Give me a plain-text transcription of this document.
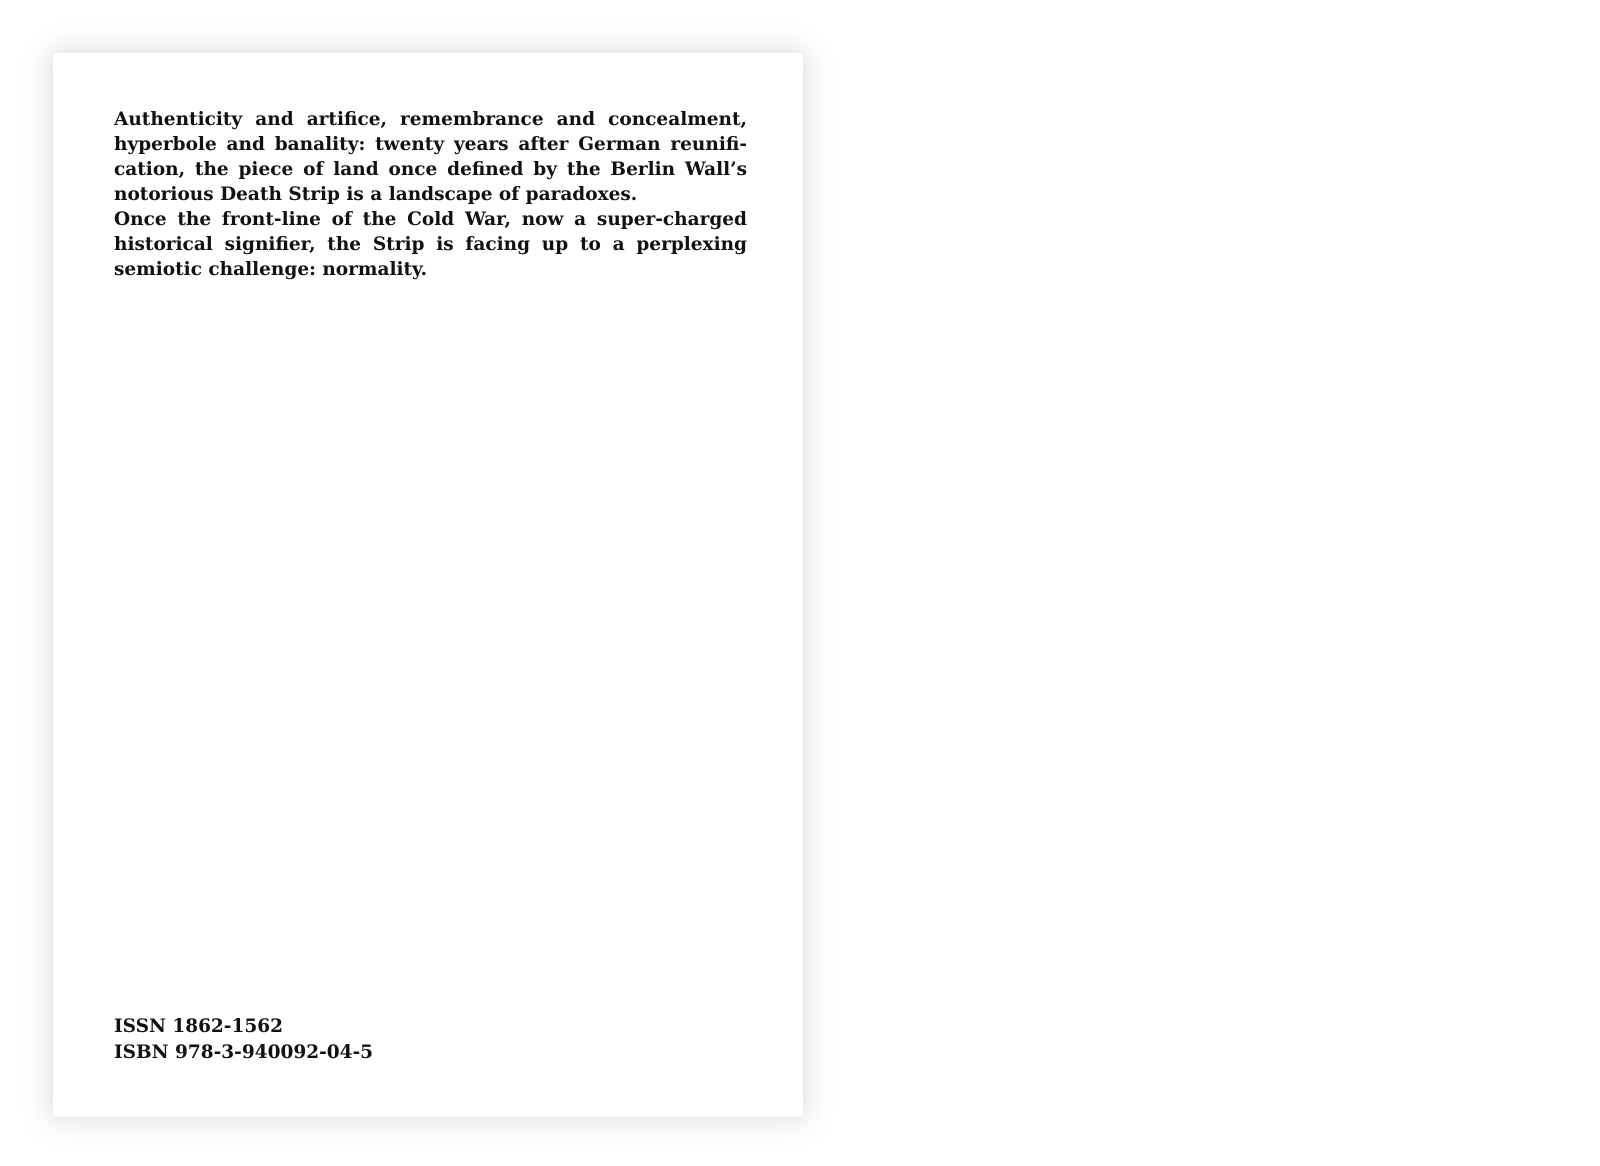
Authenticity and artifice, remembrance and concealment, hyperbole and banality: twenty years after German reunification, the piece of land once defined by the Berlin Wall’s notorious Death Strip is a landscape of paradoxes.

Once the front-line of the Cold War, now a super-charged historical signifier, the Strip is facing up to a perplexing semiotic challenge: normality.

ISSN 1862-1562
ISBN 978-3-940092-04-5
